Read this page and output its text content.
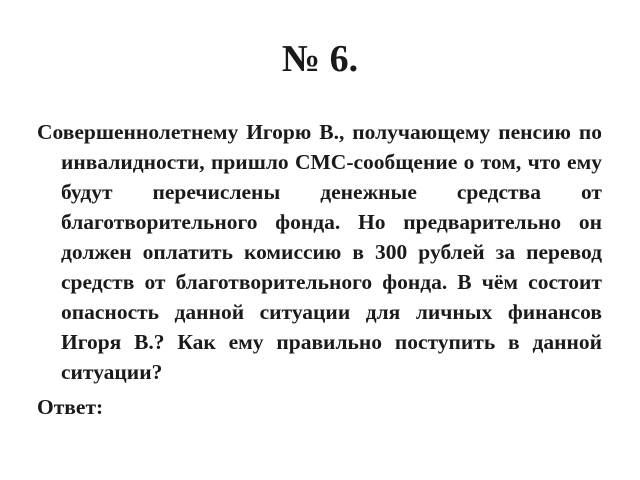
№ 6.

Совершеннолетнему Игорю В., получающему пенсию по инвалидности, пришло СМС-сообщение о том, что ему будут перечислены денежные средства от благотворительного фонда. Но предварительно он должен оплатить комиссию в 300 рублей за перевод средств от благотворительного фонда. В чём состоит опасность данной ситуации для личных финансов Игоря В.? Как ему правильно поступить в данной ситуации?

Ответ:
